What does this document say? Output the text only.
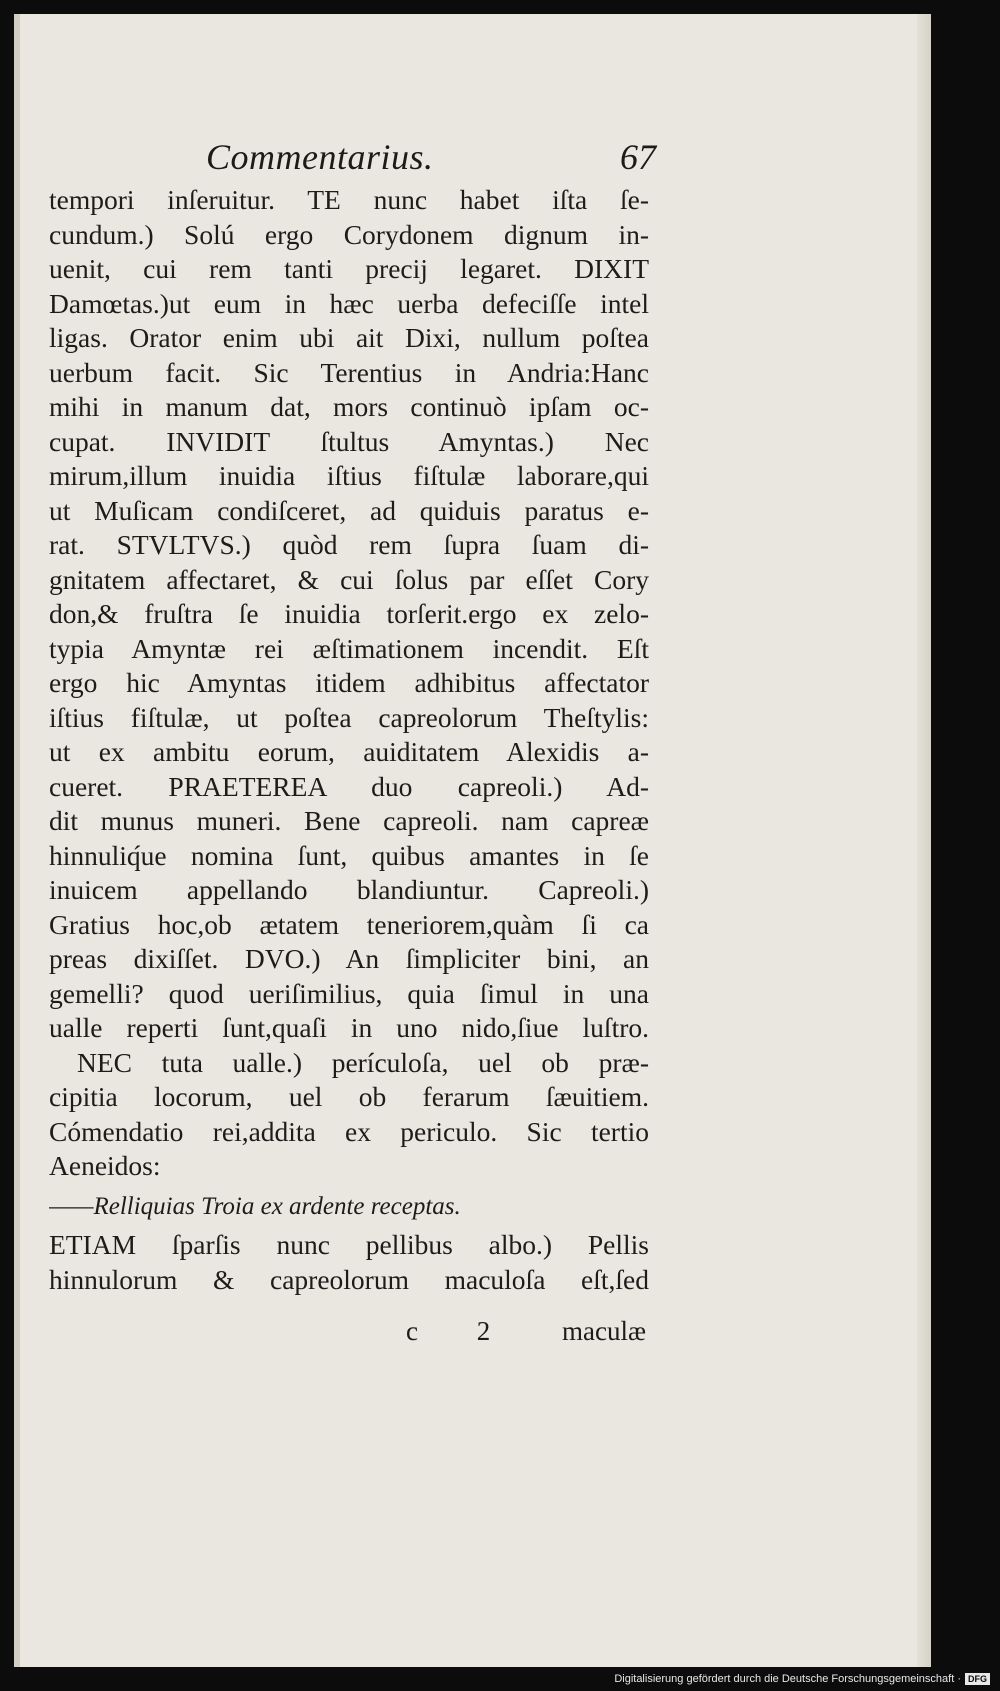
Commentarius.	67
tempori inſeruitur. TE nunc habet iſta ſe-
cundum.) Solú ergo Corydonem dignum in-
uenit, cui rem tanti precij legaret. DIXIT
Damœtas.)ut eum in hæc uerba defeciſſe intel
ligas. Orator enim ubi ait Dixi, nullum poſtea
uerbum facit. Sic Terentius in Andria:Hanc
mihi in manum dat, mors continuò ipſam oc-
cupat. INVIDIT ſtultus Amyntas.) Nec
mirum,illum inuidia iſtius fiſtulæ laborare,qui
ut Muſicam condiſceret, ad quiduis paratus e-
rat. STVLTVS.) quòd rem ſupra ſuam di-
gnitatem affectaret, & cui ſolus par eſſet Cory
don,& fruſtra ſe inuidia torſerit.ergo ex zelo-
typia Amyntæ rei æſtimationem incendit. Eſt
ergo hic Amyntas itidem adhibitus affectator
iſtius fiſtulæ, ut poſtea capreolorum Theſtylis:
ut ex ambitu eorum, auiditatem Alexidis a-
cueret. PRAETEREA duo capreoli.) Ad-
dit munus muneri. Bene capreoli. nam capreæ
hinnuliq́ue nomina ſunt, quibus amantes in ſe
inuicem appellando blandiuntur. Capreoli.)
Gratius hoc,ob ætatem teneriorem,quàm ſi ca
preas dixiſſet. DVO.) An ſimpliciter bini, an
gemelli? quod ueriſimilius, quia ſimul in una
ualle reperti ſunt,quaſi in uno nido,ſiue luſtro.
NEC tuta ualle.) perículoſa, uel ob præ-
cipitia locorum, uel ob ferarum ſæuitiem.
Cómendatio rei,addita ex periculo. Sic tertio
Aeneidos:
——Relliquias Troia ex ardente receptas.
ETIAM ſparſis nunc pellibus albo.) Pellis
hinnulorum & capreolorum maculoſa eſt,ſed
c 2 maculæ
Digitalisierung gefördert durch die Deutsche Forschungsgemeinschaft · DFG
